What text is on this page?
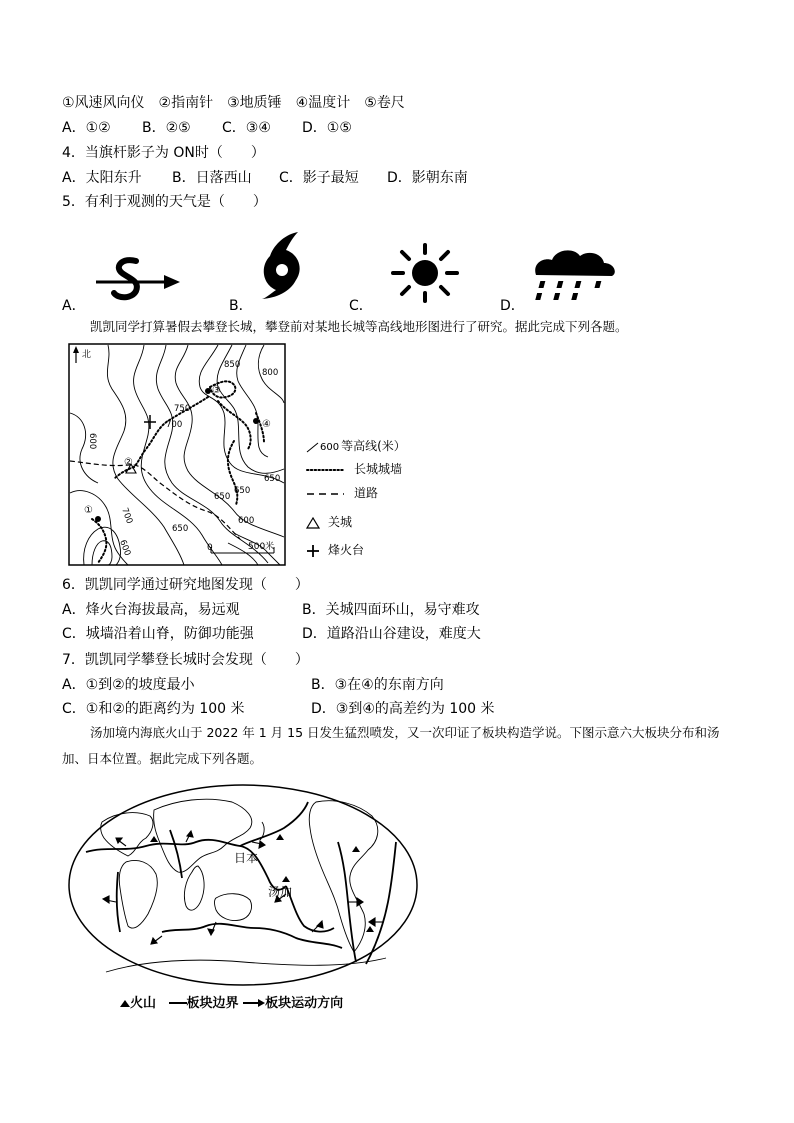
①风速风向仪　②指南针　③地质锤　④温度计　⑤卷尺
A．①② B．②⑤ C．③④ D．①⑤
4．当旗杆影子为 ON时（　　）
A．太阳东升 B．日落西山 C．影子最短 D．影朝东南
5．有利于观测的天气是（　　）
A．	B．	C．	D．
凯凯同学打算暑假去攀登长城，攀登前对某地长城等高线地形图进行了研究。据此完成下列各题。
北
850
800
750
700
600
650
650
600
700
650
650
600
③
④
②
①
0	500米
600 等高线(米）
长城城墙
道路
关城
烽火台
6．凯凯同学通过研究地图发现（　　）
A．烽火台海拔最高，易远观	B．关城四面环山，易守难攻
C．城墙沿着山脊，防御功能强	D．道路沿山谷建设，难度大
7．凯凯同学攀登长城时会发现（　　）
A．①到②的坡度最小	B．③在④的东南方向
C．①和②的距离约为 100 米	D．③到④的高差约为 100 米
汤加境内海底火山于 2022 年 1 月 15 日发生猛烈喷发，又一次印证了板块构造学说。下图示意六大板块分布和汤加、日本位置。据此完成下列各题。
日本
汤加
火山 板块边界 板块运动方向
